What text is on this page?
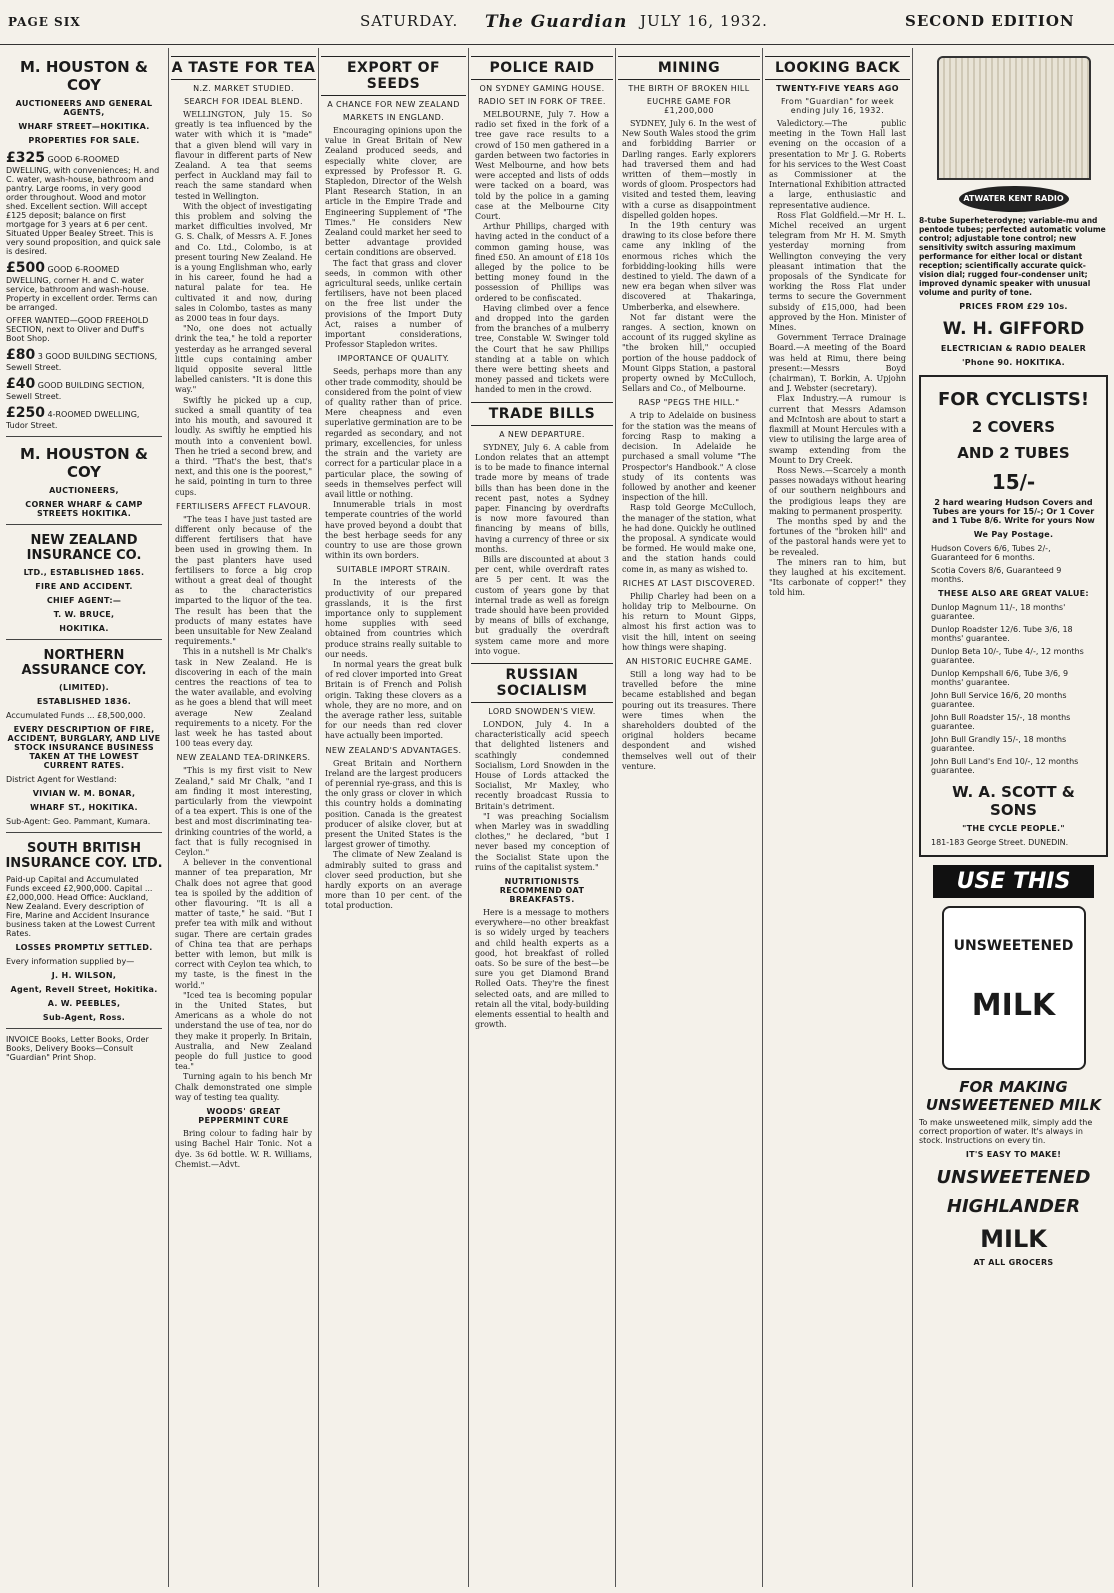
PAGE SIX	SATURDAY. The Guardian JULY 16, 1932.	SECOND EDITION
M. HOUSTON & COY
AUCTIONEERS AND GENERAL AGENTS,
WHARF STREET—HOKITIKA.
PROPERTIES FOR SALE.
£325 GOOD 6-ROOMED DWELLING, with conveniences; H. and C. water, wash-house, bathroom and pantry. Large rooms, in very good order throughout. Wood and motor shed. Excellent section. Will accept £125 deposit; balance on first mortgage for 3 years at 6 per cent. Situated Upper Bealey Street. This is very sound proposition, and quick sale is desired.
£500 GOOD 6-ROOMED DWELLING, corner H. and C. water service, bathroom and wash-house. Property in excellent order. Terms can be arranged.
OFFER WANTED—GOOD FREEHOLD SECTION, next to Oliver and Duff's Boot Shop.
£80 3 GOOD BUILDING SECTIONS, Sewell Street.
£40 GOOD BUILDING SECTION, Sewell Street.
£250 4-ROOMED DWELLING, Tudor Street.
M. HOUSTON & COY
AUCTIONEERS,
CORNER WHARF & CAMP STREETS HOKITIKA.
NEW ZEALAND INSURANCE CO.
LTD., ESTABLISHED 1865.
FIRE AND ACCIDENT.
CHIEF AGENT:—
T. W. BRUCE,
HOKITIKA.
NORTHERN ASSURANCE COY.
(LIMITED).
ESTABLISHED 1836.
Accumulated Funds ... £8,500,000.
EVERY DESCRIPTION OF FIRE, ACCIDENT, BURGLARY, AND LIVE STOCK INSURANCE BUSINESS TAKEN AT THE LOWEST CURRENT RATES.
District Agent for Westland:
VIVIAN W. M. BONAR,
WHARF ST., HOKITIKA.
Sub-Agent: Geo. Pammant, Kumara.
SOUTH BRITISH INSURANCE COY. LTD.
Paid-up Capital and Accumulated Funds exceed £2,900,000. Capital ... £2,000,000. Head Office: Auckland, New Zealand. Every description of Fire, Marine and Accident Insurance business taken at the Lowest Current Rates.
LOSSES PROMPTLY SETTLED.
Every information supplied by—
J. H. WILSON,
Agent, Revell Street, Hokitika.
A. W. PEEBLES,
Sub-Agent, Ross.
INVOICE Books, Letter Books, Order Books, Delivery Books—Consult "Guardian" Print Shop.
A TASTE FOR TEA
N.Z. MARKET STUDIED.
SEARCH FOR IDEAL BLEND.

WELLINGTON, July 15. So greatly is tea influenced by the water with which it is "made" that a given blend will vary in flavour in different parts of New Zealand. A tea that seems perfect in Auckland may fail to reach the same standard when tested in Wellington.

With the object of investigating this problem and solving the market difficulties involved, Mr G. S. Chalk, of Messrs A. F. Jones and Co. Ltd., Colombo, is at present touring New Zealand. He is a young Englishman who, early in his career, found he had a natural palate for tea. He cultivated it and now, during sales in Colombo, tastes as many as 2000 teas in four days.

"No, one does not actually drink the tea," he told a reporter yesterday as he arranged several little cups containing amber liquid opposite several little labelled canisters. "It is done this way."

Swiftly he picked up a cup, sucked a small quantity of tea into his mouth, and savoured it loudly. As swiftly he emptied his mouth into a convenient bowl. Then he tried a second brew, and a third. "That's the best, that's next, and this one is the poorest," he said, pointing in turn to three cups.

FERTILISERS AFFECT FLAVOUR.

"The teas I have just tasted are different only because of the different fertilisers that have been used in growing them. In the past planters have used fertilisers to force a big crop without a great deal of thought as to the characteristics imparted to the liquor of the tea. The result has been that the products of many estates have been unsuitable for New Zealand requirements."

This in a nutshell is Mr Chalk's task in New Zealand. He is discovering in each of the main centres the reactions of tea to the water available, and evolving as he goes a blend that will meet average New Zealand requirements to a nicety. For the last week he has tasted about 100 teas every day.

NEW ZEALAND TEA-DRINKERS.

"This is my first visit to New Zealand," said Mr Chalk, "and I am finding it most interesting, particularly from the viewpoint of a tea expert. This is one of the best and most discriminating tea-drinking countries of the world, a fact that is fully recognised in Ceylon."

A believer in the conventional manner of tea preparation, Mr Chalk does not agree that good tea is spoiled by the addition of other flavouring. "It is all a matter of taste," he said. "But I prefer tea with milk and without sugar. There are certain grades of China tea that are perhaps better with lemon, but milk is correct with Ceylon tea which, to my taste, is the finest in the world."

"Iced tea is becoming popular in the United States, but Americans as a whole do not understand the use of tea, nor do they make it properly. In Britain, Australia, and New Zealand people do full justice to good tea."

Turning again to his bench Mr Chalk demonstrated one simple way of testing tea quality.

WOODS' GREAT PEPPERMINT CURE

Bring colour to fading hair by using Bachel Hair Tonic. Not a dye. 3s 6d bottle. W. R. Williams, Chemist.—Advt.

EXPORT OF SEEDS
A CHANCE FOR NEW ZEALAND
MARKETS IN ENGLAND.

Encouraging opinions upon the value in Great Britain of New Zealand produced seeds, and especially white clover, are expressed by Professor R. G. Stapledon, Director of the Welsh Plant Research Station, in an article in the Empire Trade and Engineering Supplement of "The Times." He considers New Zealand could market her seed to better advantage provided certain conditions are observed.

The fact that grass and clover seeds, in common with other agricultural seeds, unlike certain fertilisers, have not been placed on the free list under the provisions of the Import Duty Act, raises a number of important considerations, Professor Stapledon writes.

IMPORTANCE OF QUALITY.

Seeds, perhaps more than any other trade commodity, should be considered from the point of view of quality rather than of price. Mere cheapness and even superlative germination are to be regarded as secondary, and not primary, excellencies, for unless the strain and the variety are correct for a particular place in a particular place, the sowing of seeds in themselves perfect will avail little or nothing.

Innumerable trials in most temperate countries of the world have proved beyond a doubt that the best herbage seeds for any country to use are those grown within its own borders.

SUITABLE IMPORT STRAIN.

In the interests of the productivity of our prepared grasslands, it is the first importance only to supplement home supplies with seed obtained from countries which produce strains really suitable to our needs.

In normal years the great bulk of red clover imported into Great Britain is of French and Polish origin. Taking these clovers as a whole, they are no more, and on the average rather less, suitable for our needs than red clover have actually been imported.

NEW ZEALAND'S ADVANTAGES.

Great Britain and Northern Ireland are the largest producers of perennial rye-grass, and this is the only grass or clover in which this country holds a dominating position. Canada is the greatest producer of alsike clover, but at present the United States is the largest grower of timothy.

The climate of New Zealand is admirably suited to grass and clover seed production, but she hardly exports on an average more than 10 per cent. of the total production.

POLICE RAID
ON SYDNEY GAMING HOUSE.
RADIO SET IN FORK OF TREE.

MELBOURNE, July 7. How a radio set fixed in the fork of a tree gave race results to a crowd of 150 men gathered in a garden between two factories in West Melbourne, and how bets were accepted and lists of odds were tacked on a board, was told by the police in a gaming case at the Melbourne City Court.

Arthur Phillips, charged with having acted in the conduct of a common gaming house, was fined £50. An amount of £18 10s alleged by the police to be betting money found in the possession of Phillips was ordered to be confiscated.

Having climbed over a fence and dropped into the garden from the branches of a mulberry tree, Constable W. Swinger told the Court that he saw Phillips standing at a table on which there were betting sheets and money passed and tickets were handed to men in the crowd.

TRADE BILLS
A NEW DEPARTURE.

SYDNEY, July 6. A cable from London relates that an attempt is to be made to finance internal trade more by means of trade bills than has been done in the recent past, notes a Sydney paper. Financing by overdrafts is now more favoured than financing by means of bills, having a currency of three or six months.

Bills are discounted at about 3 per cent, while overdraft rates are 5 per cent. It was the custom of years gone by that internal trade as well as foreign trade should have been provided by means of bills of exchange, but gradually the overdraft system came more and more into vogue.

RUSSIAN SOCIALISM
LORD SNOWDEN'S VIEW.

LONDON, July 4. In a characteristically acid speech that delighted listeners and scathingly condemned Socialism, Lord Snowden in the House of Lords attacked the Socialist, Mr Maxley, who recently broadcast Russia to Britain's detriment.

"I was preaching Socialism when Marley was in swaddling clothes," he declared, "but I never based my conception of the Socialist State upon the ruins of the capitalist system."

NUTRITIONISTS RECOMMEND OAT BREAKFASTS.

Here is a message to mothers everywhere—no other breakfast is so widely urged by teachers and child health experts as a good, hot breakfast of rolled oats. So be sure of the best—be sure you get Diamond Brand Rolled Oats. They're the finest selected oats, and are milled to retain all the vital, body-building elements essential to health and growth.

MINING
THE BIRTH OF BROKEN HILL
EUCHRE GAME FOR £1,200,000

SYDNEY, July 6. In the west of New South Wales stood the grim and forbidding Barrier or Darling ranges. Early explorers had traversed them and had written of them—mostly in words of gloom. Prospectors had visited and tested them, leaving with a curse as disappointment dispelled golden hopes.

In the 19th century was drawing to its close before there came any inkling of the enormous riches which the forbidding-looking hills were destined to yield. The dawn of a new era began when silver was discovered at Thakaringa, Umberberka, and elsewhere.

Not far distant were the ranges. A section, known on account of its rugged skyline as "the broken hill," occupied portion of the house paddock of Mount Gipps Station, a pastoral property owned by McCulloch, Sellars and Co., of Melbourne.

RASP "PEGS THE HILL."

A trip to Adelaide on business for the station was the means of forcing Rasp to making a decision. In Adelaide he purchased a small volume "The Prospector's Handbook." A close study of its contents was followed by another and keener inspection of the hill.

Rasp told George McCulloch, the manager of the station, what he had done. Quickly he outlined the proposal. A syndicate would be formed. He would make one, and the station hands could come in, as many as wished to.

RICHES AT LAST DISCOVERED.

Philip Charley had been on a holiday trip to Melbourne. On his return to Mount Gipps, almost his first action was to visit the hill, intent on seeing how things were shaping.

AN HISTORIC EUCHRE GAME.

Still a long way had to be travelled before the mine became established and began pouring out its treasures. There were times when the shareholders doubted of the original holders became despondent and wished themselves well out of their venture.

LOOKING BACK
TWENTY-FIVE YEARS AGO
From "Guardian" for week ending July 16, 1932.

Valedictory.—The public meeting in the Town Hall last evening on the occasion of a presentation to Mr J. G. Roberts for his services to the West Coast as Commissioner at the International Exhibition attracted a large, enthusiastic and representative audience.

Ross Flat Goldfield.—Mr H. L. Michel received an urgent telegram from Mr H. M. Smyth yesterday morning from Wellington conveying the very pleasant intimation that the proposals of the Syndicate for working the Ross Flat under terms to secure the Government subsidy of £15,000, had been approved by the Hon. Minister of Mines.

Government Terrace Drainage Board.—A meeting of the Board was held at Rimu, there being present:—Messrs Boyd (chairman), T. Borkin, A. Upjohn and J. Webster (secretary).

Flax Industry.—A rumour is current that Messrs Adamson and McIntosh are about to start a flaxmill at Mount Hercules with a view to utilising the large area of swamp extending from the Mount to Dry Creek.

Ross News.—Scarcely a month passes nowadays without hearing of our southern neighbours and the prodigious leaps they are making to permanent prosperity.

The months sped by and the fortunes of the "broken hill" and of the pastoral hands were yet to be revealed.

The miners ran to him, but they laughed at his excitement. "Its carbonate of copper!" they told him.

ATWATER KENT RADIO
8-tube Superheterodyne; variable-mu and pentode tubes; perfected automatic volume control; adjustable tone control; new sensitivity switch assuring maximum performance for either local or distant reception; scientifically accurate quick-vision dial; rugged four-condenser unit; improved dynamic speaker with unusual volume and purity of tone.
PRICES FROM £29 10s.
W. H. GIFFORD
ELECTRICIAN & RADIO DEALER
'Phone 90. HOKITIKA.
FOR CYCLISTS!
2 COVERS
AND 2 TUBES
15/-
2 hard wearing Hudson Covers and Tubes are yours for 15/-; Or 1 Cover and 1 Tube 8/6. Write for yours Now
We Pay Postage.
Hudson Covers 6/6, Tubes 2/-, Guaranteed for 6 months.
Scotia Covers 8/6, Guaranteed 9 months.
THESE ALSO ARE GREAT VALUE:
Dunlop Magnum 11/-, 18 months' guarantee.
Dunlop Roadster 12/6. Tube 3/6, 18 months' guarantee.
Dunlop Beta 10/-, Tube 4/-, 12 months guarantee.
Dunlop Kempshall 6/6, Tube 3/6, 9 months' guarantee.
John Bull Service 16/6, 20 months guarantee.
John Bull Roadster 15/-, 18 months guarantee.
John Bull Grandly 15/-, 18 months guarantee.
John Bull Land's End 10/-, 12 months guarantee.
W. A. SCOTT & SONS
"THE CYCLE PEOPLE."
181-183 George Street. DUNEDIN.
USE THIS
UNSWEETENED
MILK
FOR MAKING UNSWEETENED MILK
To make unsweetened milk, simply add the correct proportion of water. It's always in stock. Instructions on every tin.
IT'S EASY TO MAKE!
UNSWEETENED
HIGHLANDER
MILK
AT ALL GROCERS
